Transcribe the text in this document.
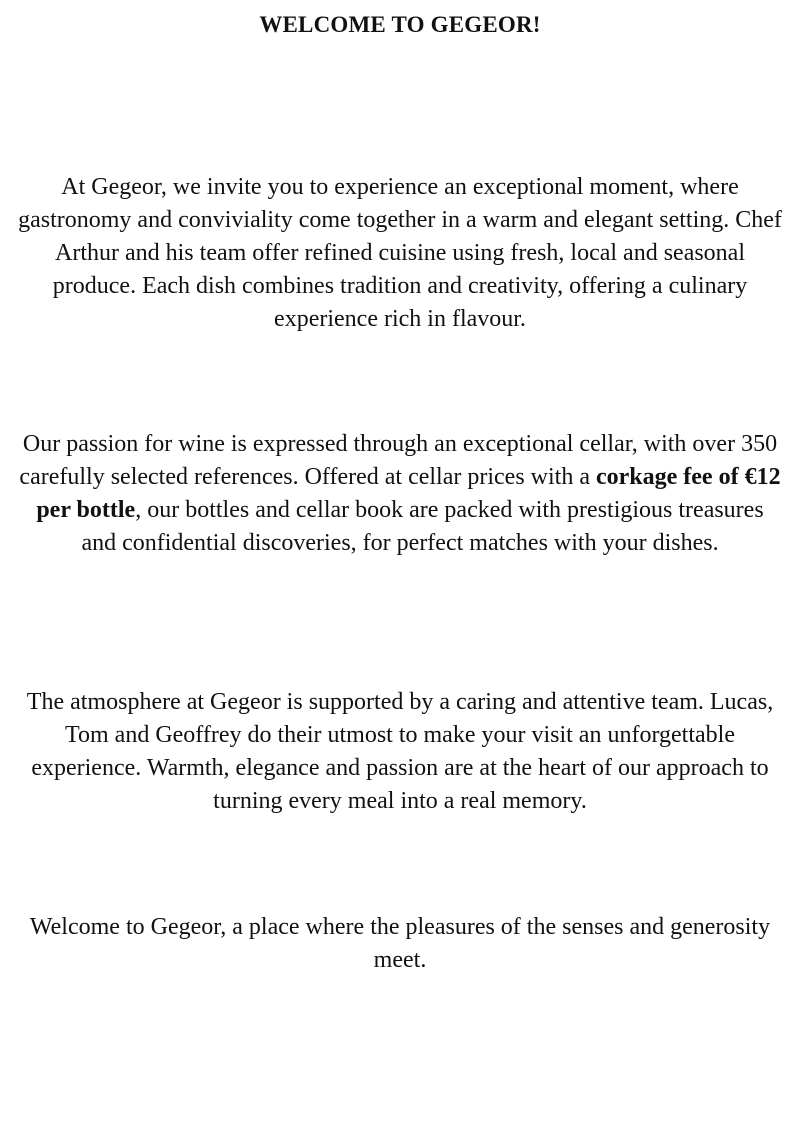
WELCOME TO GEGEOR!

At Gegeor, we invite you to experience an exceptional moment, where gastronomy and conviviality come together in a warm and elegant setting. Chef Arthur and his team offer refined cuisine using fresh, local and seasonal produce. Each dish combines tradition and creativity, offering a culinary experience rich in flavour.

Our passion for wine is expressed through an exceptional cellar, with over 350 carefully selected references. Offered at cellar prices with a corkage fee of €12 per bottle, our bottles and cellar book are packed with prestigious treasures and confidential discoveries, for perfect matches with your dishes.

The atmosphere at Gegeor is supported by a caring and attentive team. Lucas, Tom and Geoffrey do their utmost to make your visit an unforgettable experience. Warmth, elegance and passion are at the heart of our approach to turning every meal into a real memory.

Welcome to Gegeor, a place where the pleasures of the senses and generosity meet.
